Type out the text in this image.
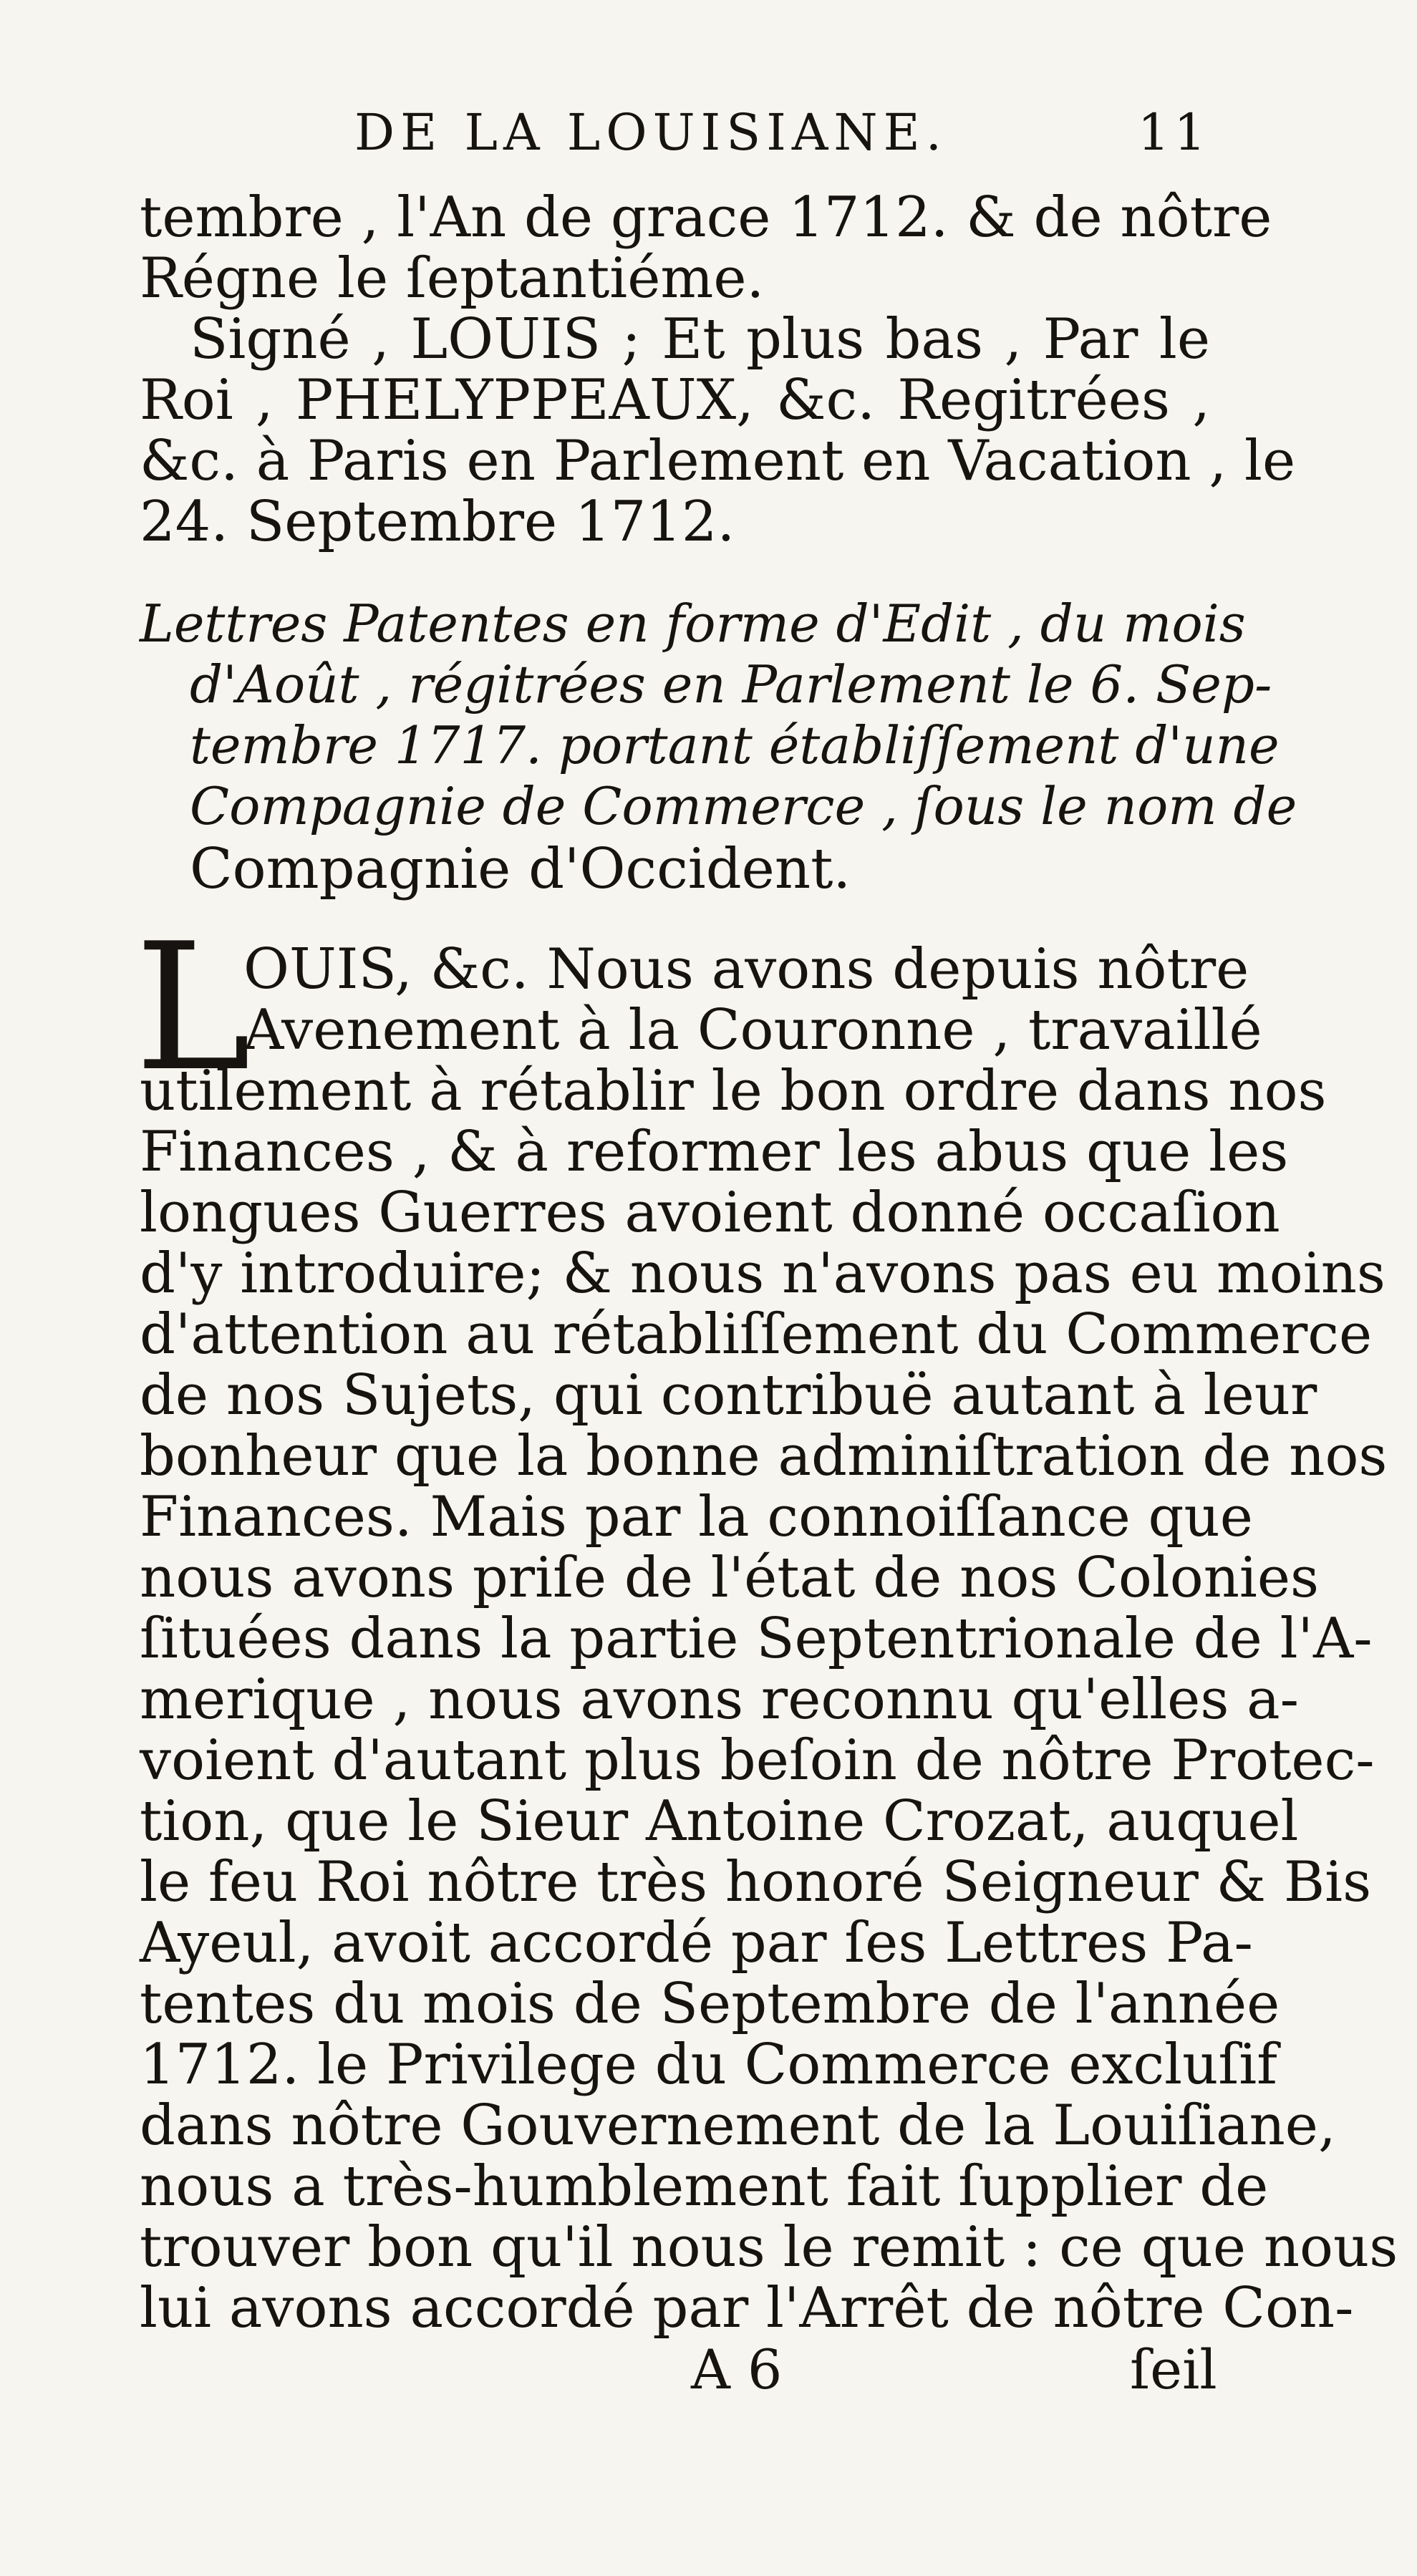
DE LA LOUISIANE.	11
tembre , l'An de grace 1712. & de nôtre
Régne le ſeptantiéme.
Signé , LOUIS ; Et plus bas , Par le
Roi , PHELYPPEAUX, &c. Regitrées ,
&c. à Paris en Parlement en Vacation , le
24. Septembre 1712.
Lettres Patentes en forme d'Edit , du mois
d'Août , régitrées en Parlement le 6. Sep-
tembre 1717. portant établiſſement d'une
Compagnie de Commerce , ſous le nom de
Compagnie d'Occident.
L
OUIS, &c. Nous avons depuis nôtre
Avenement à la Couronne , travaillé
utilement à rétablir le bon ordre dans nos
Finances , & à reformer les abus que les
longues Guerres avoient donné occaſion
d'y introduire; & nous n'avons pas eu moins
d'attention au rétabliſſement du Commerce
de nos Sujets, qui contribuë autant à leur
bonheur que la bonne adminiſtration de nos
Finances. Mais par la connoiſſance que
nous avons priſe de l'état de nos Colonies
ſituées dans la partie Septentrionale de l'A-
merique , nous avons reconnu qu'elles a-
voient d'autant plus beſoin de nôtre Protec-
tion, que le Sieur Antoine Crozat, auquel
le feu Roi nôtre très honoré Seigneur & Bis
Ayeul, avoit accordé par ſes Lettres Pa-
tentes du mois de Septembre de l'année
1712. le Privilege du Commerce excluſif
dans nôtre Gouvernement de la Louiſiane,
nous a très-humblement fait ſupplier de
trouver bon qu'il nous le remit : ce que nous
lui avons accordé par l'Arrêt de nôtre Con-
A 6	ſeil
